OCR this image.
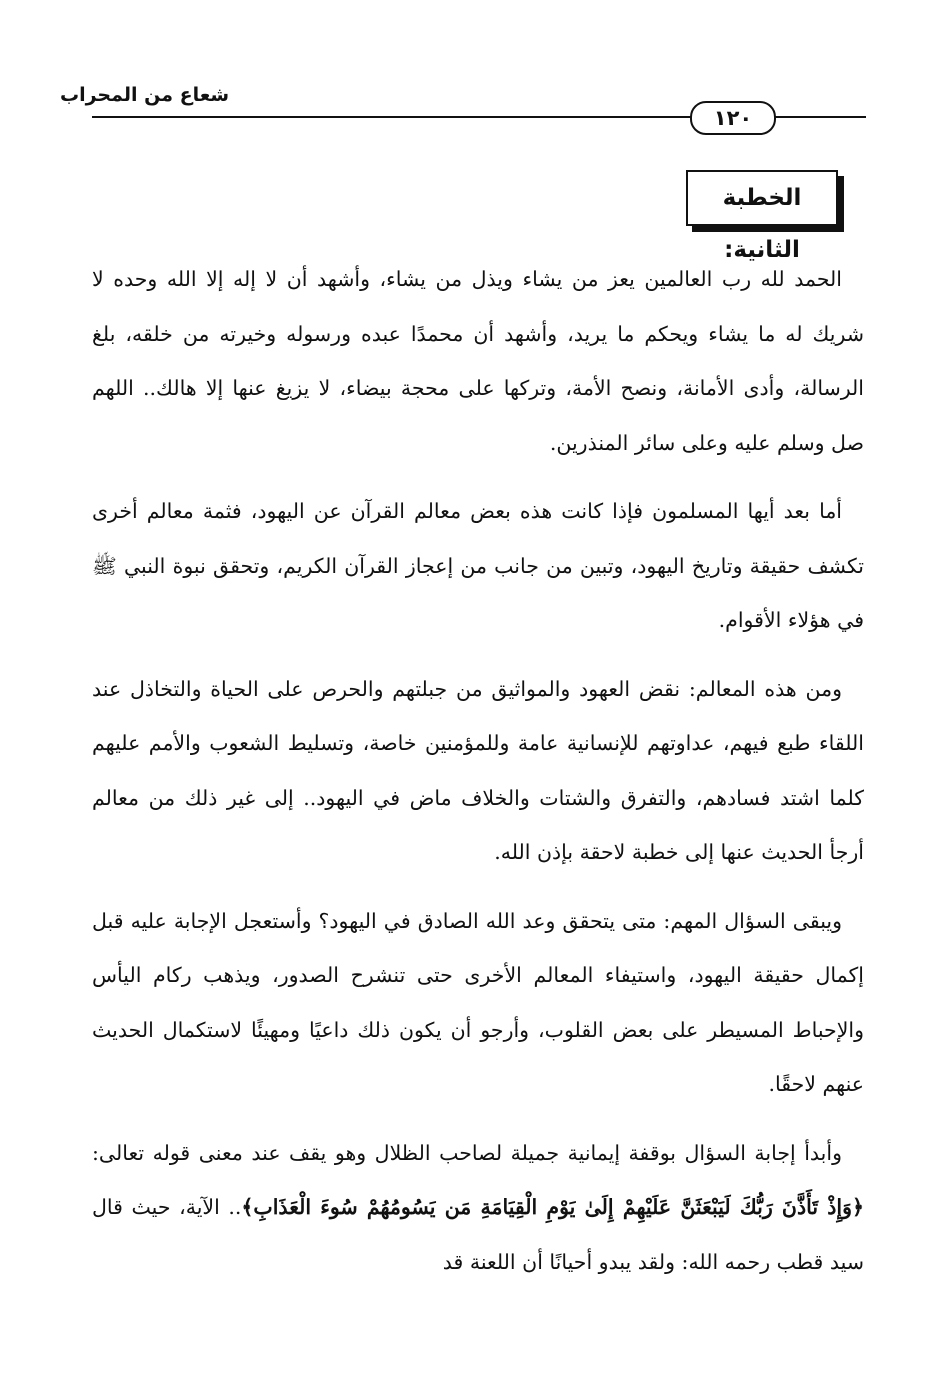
شعاع من المحراب
١٢٠
الخطبة الثانية:

الحمد لله رب العالمين يعز من يشاء ويذل من يشاء، وأشهد أن لا إله إلا الله وحده لا شريك له ما يشاء ويحكم ما يريد، وأشهد أن محمدًا عبده ورسوله وخيرته من خلقه، بلغ الرسالة، وأدى الأمانة، ونصح الأمة، وتركها على محجة بيضاء، لا يزيغ عنها إلا هالك.. اللهم صل وسلم عليه وعلى سائر المنذرين.

أما بعد أيها المسلمون فإذا كانت هذه بعض معالم القرآن عن اليهود، فثمة معالم أخرى تكشف حقيقة وتاريخ اليهود، وتبين من جانب من إعجاز القرآن الكريم، وتحقق نبوة النبي ﷺ في هؤلاء الأقوام.

ومن هذه المعالم: نقض العهود والمواثيق من جبلتهم والحرص على الحياة والتخاذل عند اللقاء طبع فيهم، عداوتهم للإنسانية عامة وللمؤمنين خاصة، وتسليط الشعوب والأمم عليهم كلما اشتد فسادهم، والتفرق والشتات والخلاف ماض في اليهود.. إلى غير ذلك من معالم أرجأ الحديث عنها إلى خطبة لاحقة بإذن الله.

ويبقى السؤال المهم: متى يتحقق وعد الله الصادق في اليهود؟ وأستعجل الإجابة عليه قبل إكمال حقيقة اليهود، واستيفاء المعالم الأخرى حتى تنشرح الصدور، ويذهب ركام اليأس والإحباط المسيطر على بعض القلوب، وأرجو أن يكون ذلك داعيًا ومهيئًا لاستكمال الحديث عنهم لاحقًا.

وأبدأ إجابة السؤال بوقفة إيمانية جميلة لصاحب الظلال وهو يقف عند معنى قوله تعالى: ﴿وَإِذْ تَأَذَّنَ رَبُّكَ لَيَبْعَثَنَّ عَلَيْهِمْ إِلَىٰ يَوْمِ الْقِيَامَةِ مَن يَسُومُهُمْ سُوءَ الْعَذَابِ﴾.. الآية، حيث قال سيد قطب رحمه الله: ولقد يبدو أحيانًا أن اللعنة قد
